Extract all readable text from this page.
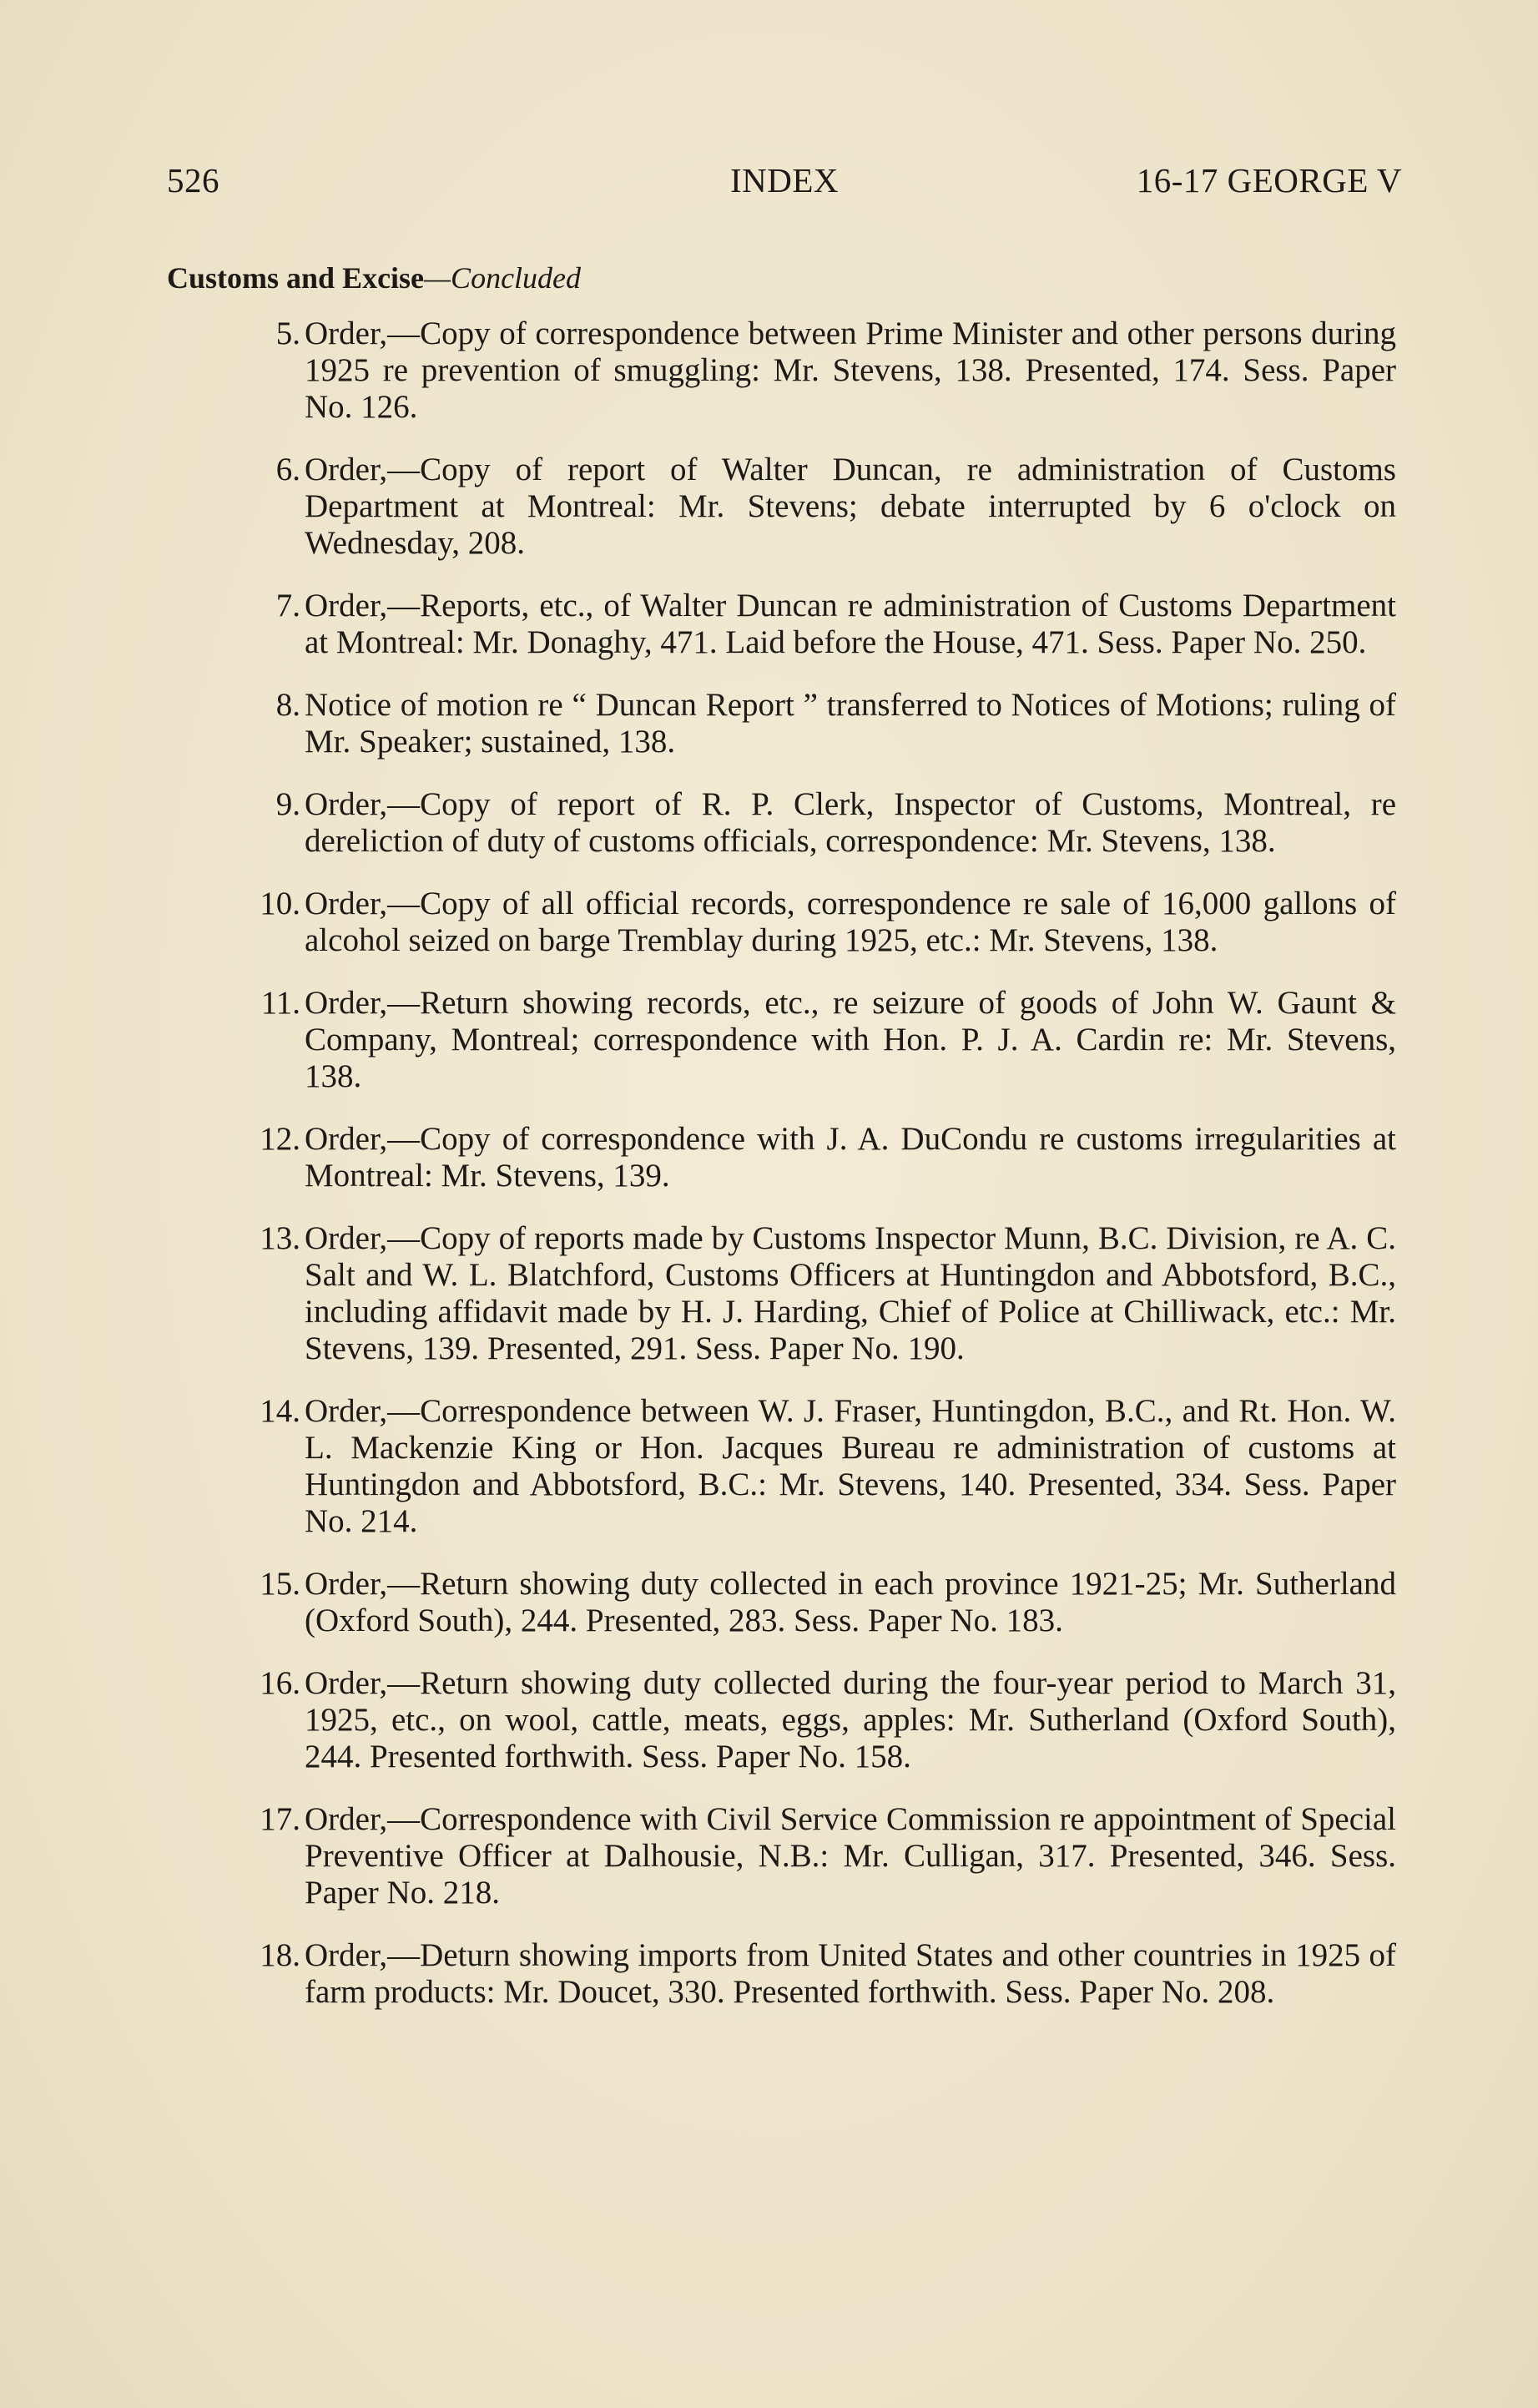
526	INDEX	16-17 GEORGE V
Customs and Excise—Concluded
5. Order,—Copy of correspondence between Prime Minister and other persons during 1925 re prevention of smuggling: Mr. Stevens, 138. Presented, 174. Sess. Paper No. 126.
6. Order,—Copy of report of Walter Duncan, re administration of Customs Department at Montreal: Mr. Stevens; debate interrupted by 6 o'clock on Wednesday, 208.
7. Order,—Reports, etc., of Walter Duncan re administration of Customs Department at Montreal: Mr. Donaghy, 471. Laid before the House, 471. Sess. Paper No. 250.
8. Notice of motion re “ Duncan Report ” transferred to Notices of Motions; ruling of Mr. Speaker; sustained, 138.
9. Order,—Copy of report of R. P. Clerk, Inspector of Customs, Montreal, re dereliction of duty of customs officials, correspondence: Mr. Stevens, 138.
10. Order,—Copy of all official records, correspondence re sale of 16,000 gallons of alcohol seized on barge Tremblay during 1925, etc.: Mr. Stevens, 138.
11. Order,—Return showing records, etc., re seizure of goods of John W. Gaunt & Company, Montreal; correspondence with Hon. P. J. A. Cardin re: Mr. Stevens, 138.
12. Order,—Copy of correspondence with J. A. DuCondu re customs irregularities at Montreal: Mr. Stevens, 139.
13. Order,—Copy of reports made by Customs Inspector Munn, B.C. Division, re A. C. Salt and W. L. Blatchford, Customs Officers at Huntingdon and Abbotsford, B.C., including affidavit made by H. J. Harding, Chief of Police at Chilliwack, etc.: Mr. Stevens, 139. Presented, 291. Sess. Paper No. 190.
14. Order,—Correspondence between W. J. Fraser, Huntingdon, B.C., and Rt. Hon. W. L. Mackenzie King or Hon. Jacques Bureau re administration of customs at Huntingdon and Abbotsford, B.C.: Mr. Stevens, 140. Presented, 334. Sess. Paper No. 214.
15. Order,—Return showing duty collected in each province 1921-25; Mr. Sutherland (Oxford South), 244. Presented, 283. Sess. Paper No. 183.
16. Order,—Return showing duty collected during the four-year period to March 31, 1925, etc., on wool, cattle, meats, eggs, apples: Mr. Sutherland (Oxford South), 244. Presented forthwith. Sess. Paper No. 158.
17. Order,—Correspondence with Civil Service Commission re appointment of Special Preventive Officer at Dalhousie, N.B.: Mr. Culligan, 317. Presented, 346. Sess. Paper No. 218.
18. Order,—Deturn showing imports from United States and other countries in 1925 of farm products: Mr. Doucet, 330. Presented forthwith. Sess. Paper No. 208.
